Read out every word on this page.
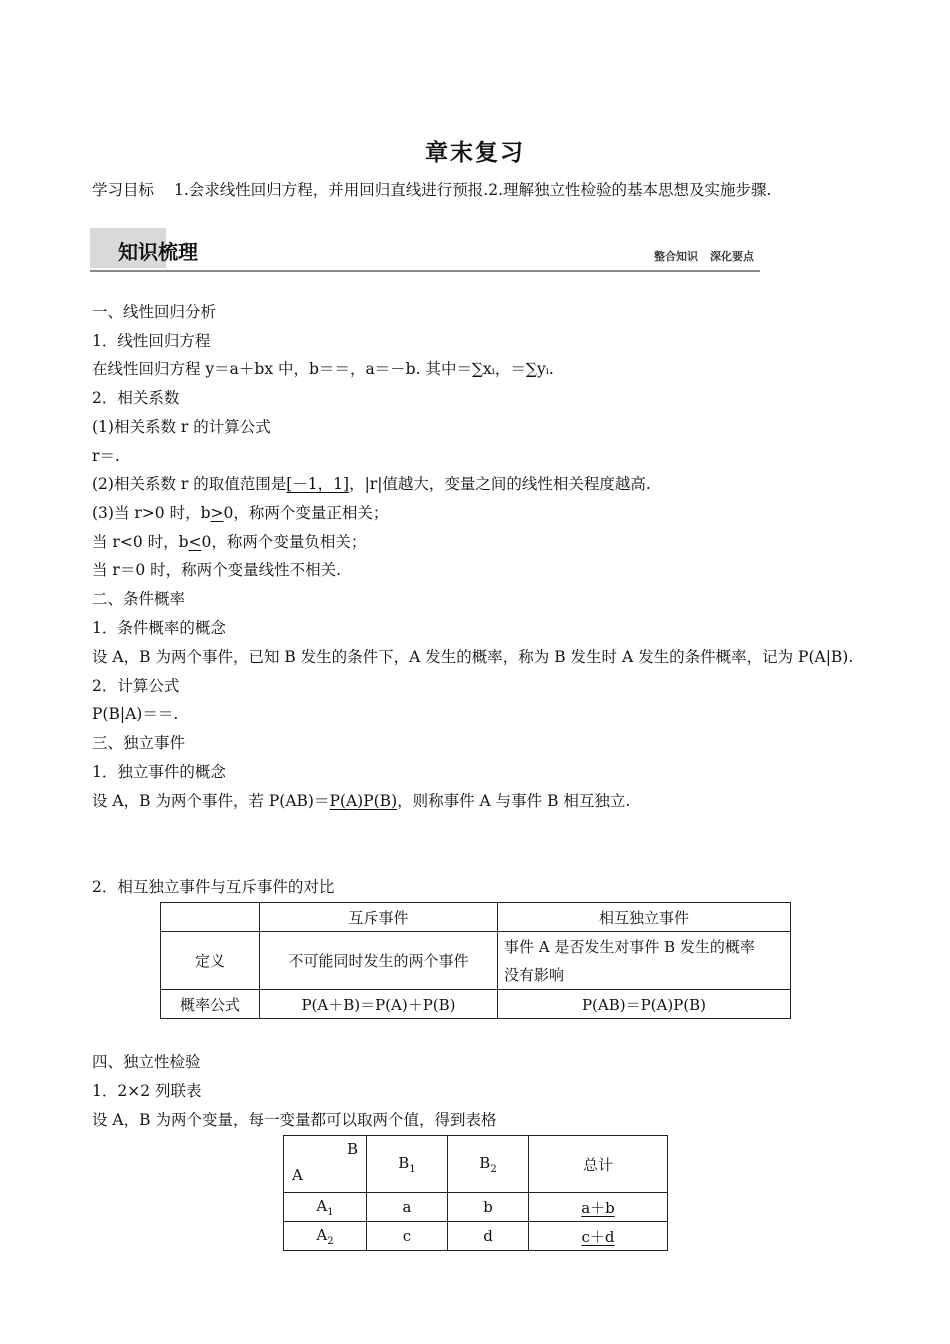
章末复习
学习目标 1.会求线性回归方程，并用回归直线进行预报.2.理解独立性检验的基本思想及实施步骤.
知识梳理	整合知识 深化要点
一、线性回归分析
1．线性回归方程
在线性回归方程 y＝a＋bx 中，b＝＝，a＝－b. 其中＝∑xᵢ，＝∑yᵢ.
2．相关系数
(1)相关系数 r 的计算公式
r＝.
(2)相关系数 r 的取值范围是[－1，1]，|r|值越大，变量之间的线性相关程度越高.
(3)当 r>0 时，b>0，称两个变量正相关；
当 r<0 时，b<0，称两个变量负相关；
当 r＝0 时，称两个变量线性不相关.
二、条件概率
1．条件概率的概念
设 A，B 为两个事件，已知 B 发生的条件下，A 发生的概率，称为 B 发生时 A 发生的条件概率，记为 P(A|B).
2．计算公式
P(B|A)＝＝.
三、独立事件
1．独立事件的概念
设 A，B 为两个事件，若 P(AB)＝P(A)P(B)，则称事件 A 与事件 B 相互独立.
2．相互独立事件与互斥事件的对比
	互斥事件	相互独立事件
定义	不可能同时发生的两个事件	事件 A 是否发生对事件 B 发生的概率
没有影响

概率公式	P(A＋B)＝P(A)＋P(B)	P(AB)＝P(A)P(B)
四、独立性检验
1．2×2 列联表
设 A，B 为两个变量，每一变量都可以取两个值，得到表格
B
A	$B_1$	$B_2$	总计
$A_1$	a	b	a＋b
$A_2$	c	d	c＋d
